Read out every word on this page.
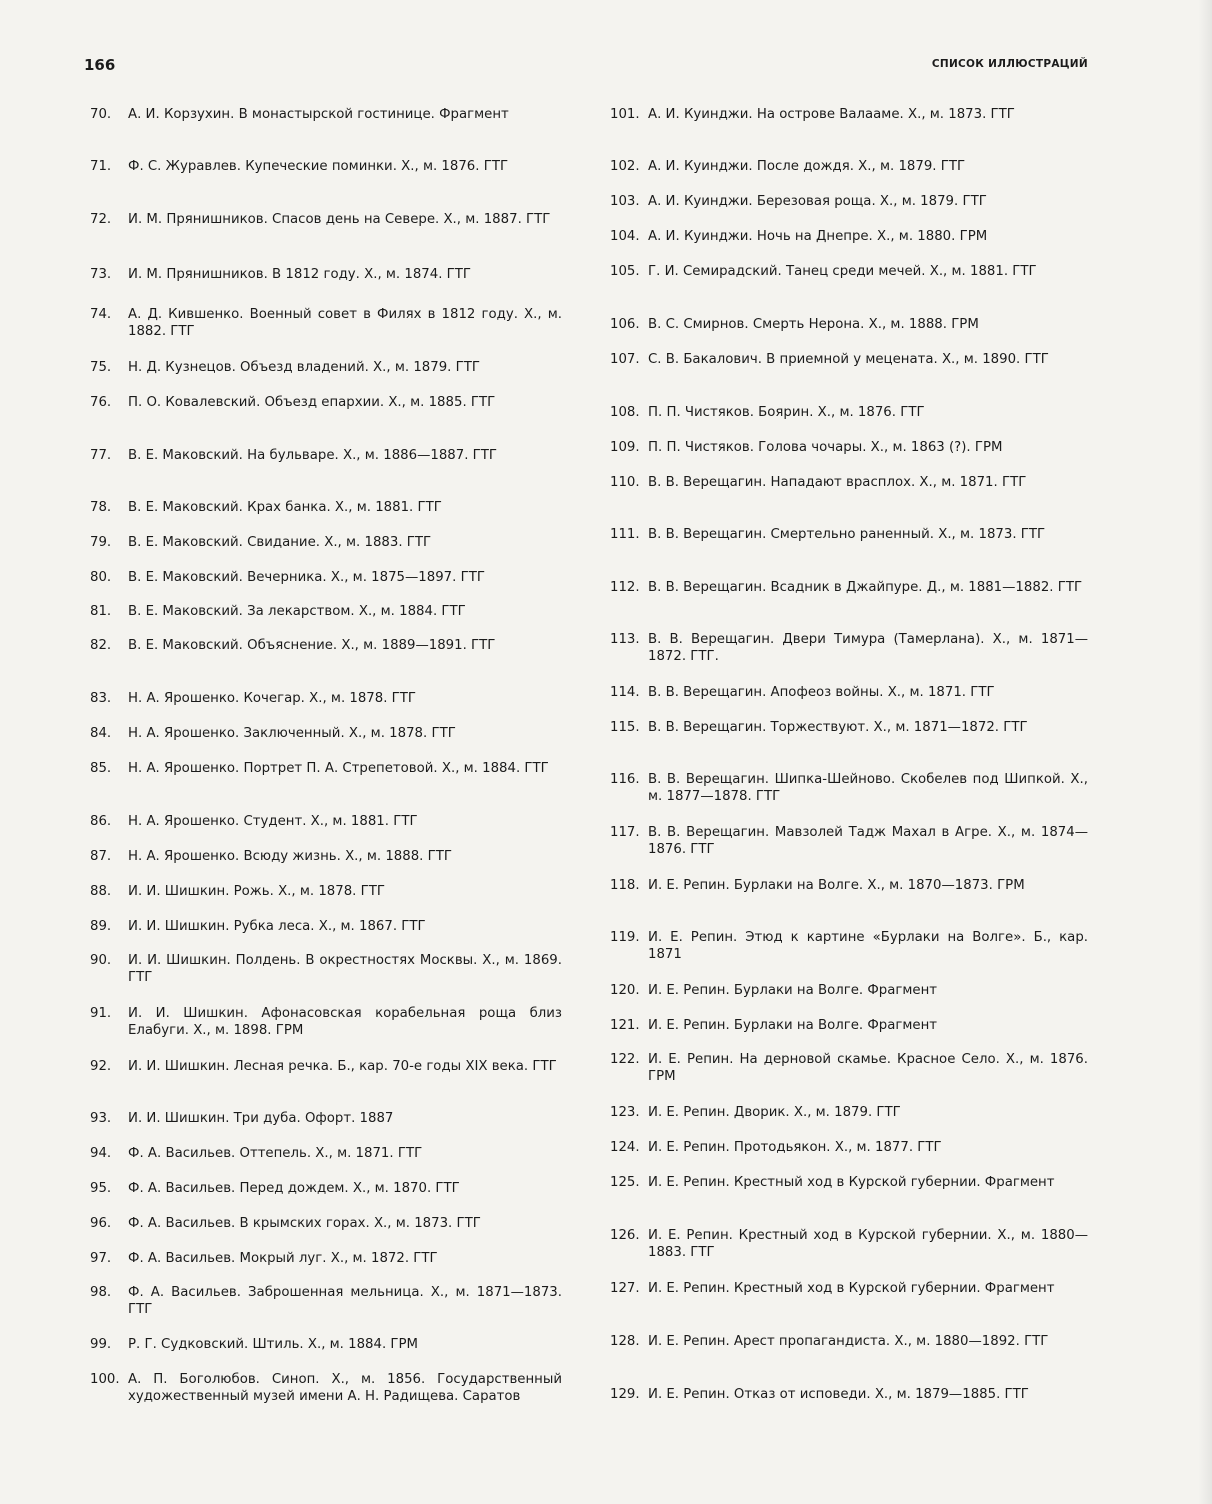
166	СПИСОК ИЛЛЮСТРАЦИЙ
70. А. И. Корзухин. В монастырской гостинице. Фрагмент
71. Ф. С. Журавлев. Купеческие поминки. Х., м. 1876. ГТГ
72. И. М. Прянишников. Спасов день на Севере. Х., м. 1887. ГТГ
73. И. М. Прянишников. В 1812 году. Х., м. 1874. ГТГ
74. А. Д. Кившенко. Военный совет в Филях в 1812 году. Х., м. 1882. ГТГ
75. Н. Д. Кузнецов. Объезд владений. Х., м. 1879. ГТГ
76. П. О. Ковалевский. Объезд епархии. Х., м. 1885. ГТГ
77. В. Е. Маковский. На бульваре. Х., м. 1886—1887. ГТГ
78. В. Е. Маковский. Крах банка. Х., м. 1881. ГТГ
79. В. Е. Маковский. Свидание. Х., м. 1883. ГТГ
80. В. Е. Маковский. Вечерника. Х., м. 1875—1897. ГТГ
81. В. Е. Маковский. За лекарством. Х., м. 1884. ГТГ
82. В. Е. Маковский. Объяснение. Х., м. 1889—1891. ГТГ
83. Н. А. Ярошенко. Кочегар. Х., м. 1878. ГТГ
84. Н. А. Ярошенко. Заключенный. Х., м. 1878. ГТГ
85. Н. А. Ярошенко. Портрет П. А. Стрепетовой. Х., м. 1884. ГТГ
86. Н. А. Ярошенко. Студент. Х., м. 1881. ГТГ
87. Н. А. Ярошенко. Всюду жизнь. Х., м. 1888. ГТГ
88. И. И. Шишкин. Рожь. Х., м. 1878. ГТГ
89. И. И. Шишкин. Рубка леса. Х., м. 1867. ГТГ
90. И. И. Шишкин. Полдень. В окрестностях Москвы. Х., м. 1869. ГТГ
91. И. И. Шишкин. Афонасовская корабельная роща близ Елабуги. Х., м. 1898. ГРМ
92. И. И. Шишкин. Лесная речка. Б., кар. 70-е годы XIX века. ГТГ
93. И. И. Шишкин. Три дуба. Офорт. 1887
94. Ф. А. Васильев. Оттепель. Х., м. 1871. ГТГ
95. Ф. А. Васильев. Перед дождем. Х., м. 1870. ГТГ
96. Ф. А. Васильев. В крымских горах. Х., м. 1873. ГТГ
97. Ф. А. Васильев. Мокрый луг. Х., м. 1872. ГТГ
98. Ф. А. Васильев. Заброшенная мельница. Х., м. 1871—1873. ГТГ
99. Р. Г. Судковский. Штиль. Х., м. 1884. ГРМ
100. А. П. Боголюбов. Синоп. Х., м. 1856. Государственный художественный музей имени А. Н. Радищева. Саратов
101. А. И. Куинджи. На острове Валааме. Х., м. 1873. ГТГ
102. А. И. Куинджи. После дождя. Х., м. 1879. ГТГ
103. А. И. Куинджи. Березовая роща. Х., м. 1879. ГТГ
104. А. И. Куинджи. Ночь на Днепре. Х., м. 1880. ГРМ
105. Г. И. Семирадский. Танец среди мечей. Х., м. 1881. ГТГ
106. В. С. Смирнов. Смерть Нерона. Х., м. 1888. ГРМ
107. С. В. Бакалович. В приемной у мецената. Х., м. 1890. ГТГ
108. П. П. Чистяков. Боярин. Х., м. 1876. ГТГ
109. П. П. Чистяков. Голова чочары. Х., м. 1863 (?). ГРМ
110. В. В. Верещагин. Нападают врасплох. Х., м. 1871. ГТГ
111. В. В. Верещагин. Смертельно раненный. Х., м. 1873. ГТГ
112. В. В. Верещагин. Всадник в Джайпуре. Д., м. 1881—1882. ГТГ
113. В. В. Верещагин. Двери Тимура (Тамерлана). Х., м. 1871—1872. ГТГ.
114. В. В. Верещагин. Апофеоз войны. Х., м. 1871. ГТГ
115. В. В. Верещагин. Торжествуют. Х., м. 1871—1872. ГТГ
116. В. В. Верещагин. Шипка-Шейново. Скобелев под Шипкой. Х., м. 1877—1878. ГТГ
117. В. В. Верещагин. Мавзолей Тадж Махал в Агре. Х., м. 1874—1876. ГТГ
118. И. Е. Репин. Бурлаки на Волге. Х., м. 1870—1873. ГРМ
119. И. Е. Репин. Этюд к картине «Бурлаки на Волге». Б., кар. 1871
120. И. Е. Репин. Бурлаки на Волге. Фрагмент
121. И. Е. Репин. Бурлаки на Волге. Фрагмент
122. И. Е. Репин. На дерновой скамье. Красное Село. Х., м. 1876. ГРМ
123. И. Е. Репин. Дворик. Х., м. 1879. ГТГ
124. И. Е. Репин. Протодьякон. Х., м. 1877. ГТГ
125. И. Е. Репин. Крестный ход в Курской губернии. Фрагмент
126. И. Е. Репин. Крестный ход в Курской губернии. Х., м. 1880—1883. ГТГ
127. И. Е. Репин. Крестный ход в Курской губернии. Фрагмент
128. И. Е. Репин. Арест пропагандиста. Х., м. 1880—1892. ГТГ
129. И. Е. Репин. Отказ от исповеди. Х., м. 1879—1885. ГТГ
